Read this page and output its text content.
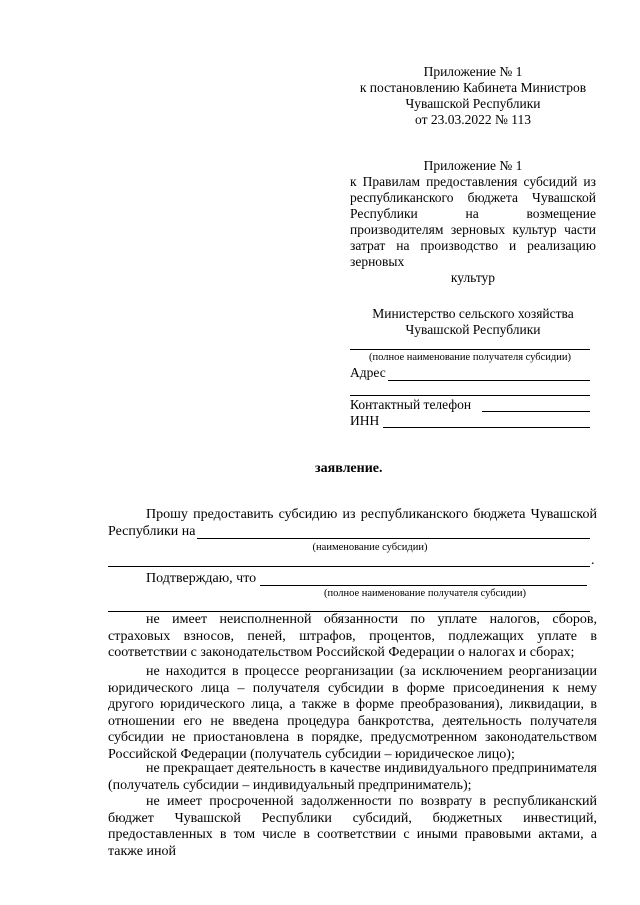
Приложение № 1
к постановлению Кабинета Министров
Чувашской Республики
от 23.03.2022 № 113
Приложение № 1
к Правилам предоставления субсидий из республиканского бюджета Чувашской Республики на возмещение производителям зерновых культур части затрат на производство и реализацию зерновых
культур
Министерство сельского хозяйства
Чувашской Республики
(полное наименование получателя субсидии)
Адрес
Контактный телефон
ИНН
заявление.
Прошу предоставить субсидию из республиканского бюджета Чувашской
Республики на
(наименование субсидии)
.
Подтверждаю, что
(полное наименование получателя субсидии)
не имеет неисполненной обязанности по уплате налогов, сборов, страховых взносов, пеней, штрафов, процентов, подлежащих уплате в соответствии с законодательством Российской Федерации о налогах и сборах;
не находится в процессе реорганизации (за исключением реорганизации юридического лица – получателя субсидии в форме присоединения к нему другого юридического лица, а также в форме преобразования), ликвидации, в отношении его не введена процедура банкротства, деятельность получателя субсидии не приостановлена в порядке, предусмотренном законодательством Российской Федерации (получатель субсидии – юридическое лицо);
не прекращает деятельность в качестве индивидуального предпринимателя (получатель субсидии – индивидуальный предприниматель);
не имеет просроченной задолженности по возврату в республиканский бюджет Чувашской Республики субсидий, бюджетных инвестиций, предоставленных в том числе в соответствии с иными правовыми актами, а также иной
